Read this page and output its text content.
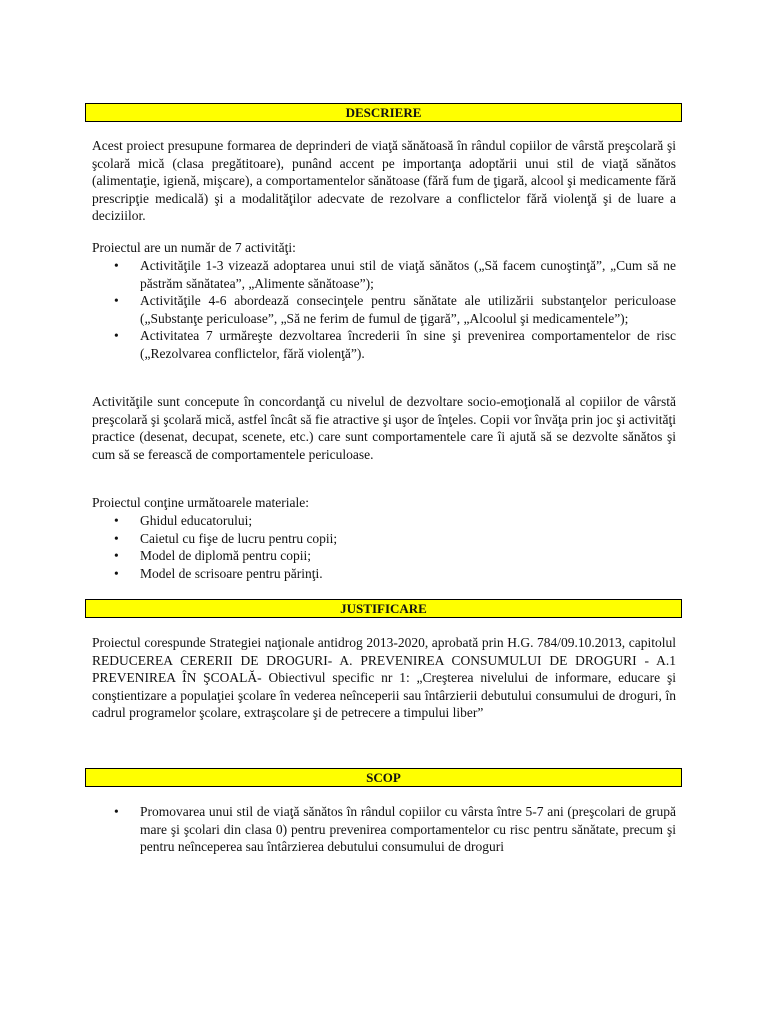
DESCRIERE

Acest proiect presupune formarea de deprinderi de viaţă sănătoasă în rândul copiilor de vârstă preşcolară şi şcolară mică (clasa pregătitoare), punând accent pe importanţa adoptării unui stil de viaţă sănătos (alimentaţie, igienă, mişcare), a comportamentelor sănătoase (fără fum de ţigară, alcool şi medicamente fără prescripţie medicală) şi a modalităţilor adecvate de rezolvare a conflictelor fără violenţă şi de luare a deciziilor.

Proiectul are un număr de 7 activităţi:

• Activităţile 1-3 vizează adoptarea unui stil de viaţă sănătos („Să facem cunoştinţă”, „Cum să ne păstrăm sănătatea”, „Alimente sănătoase”);
• Activităţile 4-6 abordează consecinţele pentru sănătate ale utilizării substanţelor periculoase („Substanţe periculoase”, „Să ne ferim de fumul de ţigară”, „Alcoolul şi medicamentele”);
• Activitatea 7 urmăreşte dezvoltarea încrederii în sine şi prevenirea comportamentelor de risc („Rezolvarea conflictelor, fără violenţă”).

Activităţile sunt concepute în concordanţă cu nivelul de dezvoltare socio-emoţională al copiilor de vârstă preşcolară şi şcolară mică, astfel încât să fie atractive şi uşor de înţeles. Copii vor învăţa prin joc şi activităţi practice (desenat, decupat, scenete, etc.) care sunt comportamentele care îi ajută să se dezvolte sănătos şi cum să se ferească de comportamentele periculoase.

Proiectul conţine următoarele materiale:

• Ghidul educatorului;
• Caietul cu fişe de lucru pentru copii;
• Model de diplomă pentru copii;
• Model de scrisoare pentru părinţi.
JUSTIFICARE

Proiectul corespunde Strategiei naţionale antidrog 2013-2020, aprobată prin H.G. 784/09.10.2013, capitolul REDUCEREA CERERII DE DROGURI- A. PREVENIREA CONSUMULUI DE DROGURI - A.1 PREVENIREA ÎN ŞCOALĂ- Obiectivul specific nr 1: „Creşterea nivelului de informare, educare şi conştientizare a populaţiei şcolare în vederea neînceperii sau întârzierii debutului consumului de droguri, în cadrul programelor şcolare, extraşcolare şi de petrecere a timpului liber”

SCOP
• Promovarea unui stil de viaţă sănătos în rândul copiilor cu vârsta între 5-7 ani (preşcolari de grupă mare şi şcolari din clasa 0) pentru prevenirea comportamentelor cu risc pentru sănătate, precum şi pentru neînceperea sau întârzierea debutului consumului de droguri
